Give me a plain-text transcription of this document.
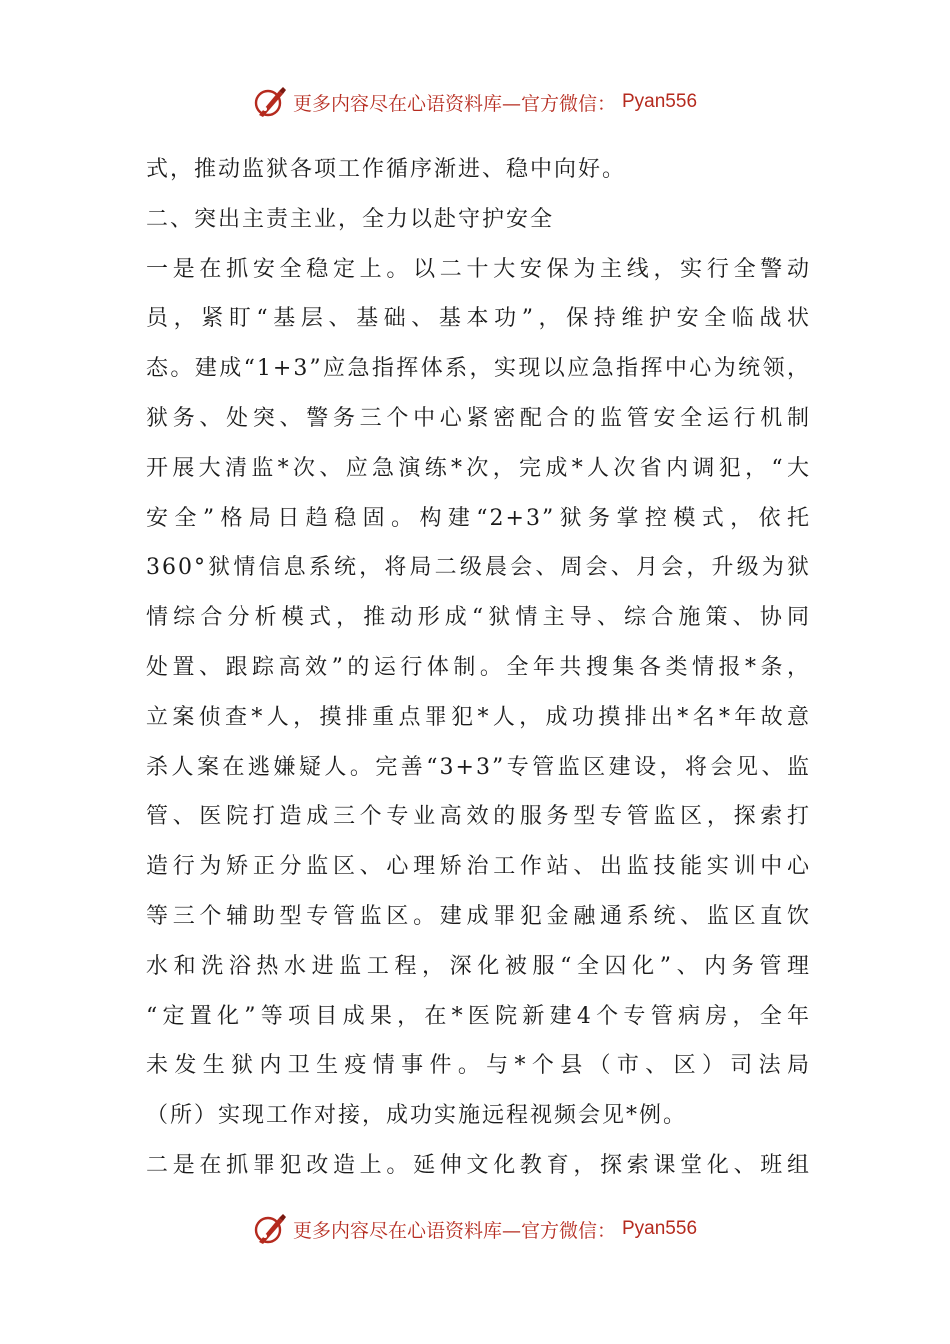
更多内容尽在心语资料库—官方微信： Pyan556
式，推动监狱各项工作循序渐进、稳中向好。
二、突出主责主业，全力以赴守护安全
一是在抓安全稳定上。以二十大安保为主线，实行全警动
员，紧盯“基层、基础、基本功”，保持维护安全临战状
态。建成“1+3”应急指挥体系，实现以应急指挥中心为统领，
狱务、处突、警务三个中心紧密配合的监管安全运行机制
开展大清监*次、应急演练*次，完成*人次省内调犯，“大
安全”格局日趋稳固。构建“2+3”狱务掌控模式，依托
360°狱情信息系统，将局二级晨会、周会、月会，升级为狱
情综合分析模式，推动形成“狱情主导、综合施策、协同
处置、跟踪高效”的运行体制。全年共搜集各类情报*条，
立案侦查*人，摸排重点罪犯*人，成功摸排出*名*年故意
杀人案在逃嫌疑人。完善“3+3”专管监区建设，将会见、监
管、医院打造成三个专业高效的服务型专管监区，探索打
造行为矫正分监区、心理矫治工作站、出监技能实训中心
等三个辅助型专管监区。建成罪犯金融通系统、监区直饮
水和洗浴热水进监工程，深化被服“全囚化”、内务管理
“定置化”等项目成果，在*医院新建4个专管病房，全年
未发生狱内卫生疫情事件。与*个县（市、区）司法局
（所）实现工作对接，成功实施远程视频会见*例。
二是在抓罪犯改造上。延伸文化教育，探索课堂化、班组
更多内容尽在心语资料库—官方微信： Pyan556
